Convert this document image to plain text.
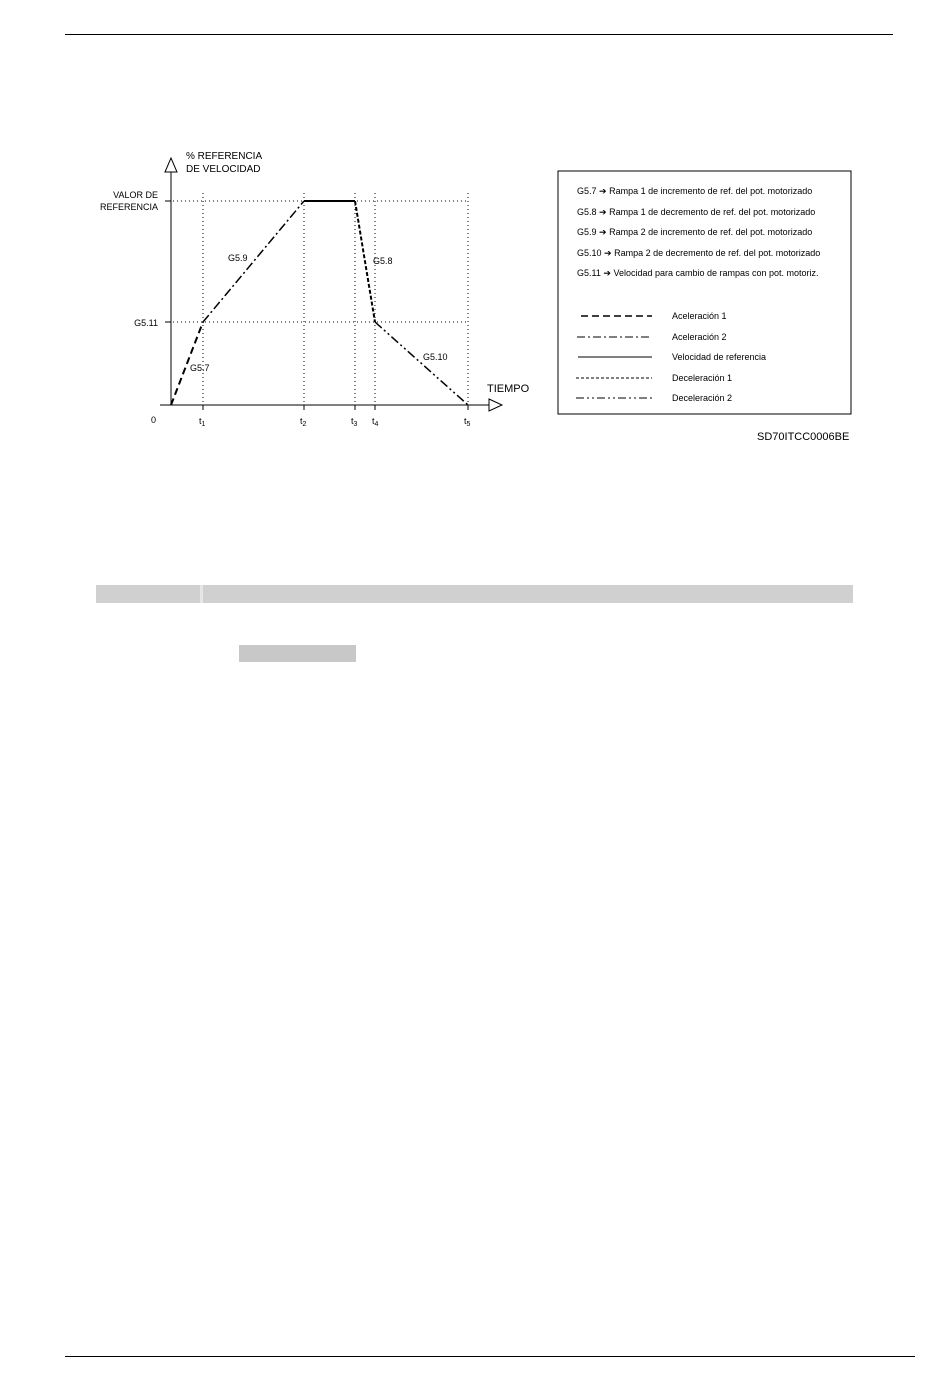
% REFERENCIA
DE VELOCIDAD
TIEMPO
VALOR DE
REFERENCIA
G5.11
0	$t_1$	$t_2$	$t_3$ $t_4$	$t_5$
G5.7
G5.9	G5.8
G5.10
G5.7 ➔ Rampa 1 de incremento de ref. del pot. motorizado
G5.8 ➔ Rampa 1 de decremento de ref. del pot. motorizado
G5.9 ➔ Rampa 2 de incremento de ref. del pot. motorizado
G5.10 ➔ Rampa 2 de decremento de ref. del pot. motorizado
G5.11 ➔ Velocidad para cambio de rampas con pot. motoriz.
Aceleración 1
Aceleración 2
Velocidad de referencia
Deceleración 1
Deceleración 2
SD70ITCC0006BE
